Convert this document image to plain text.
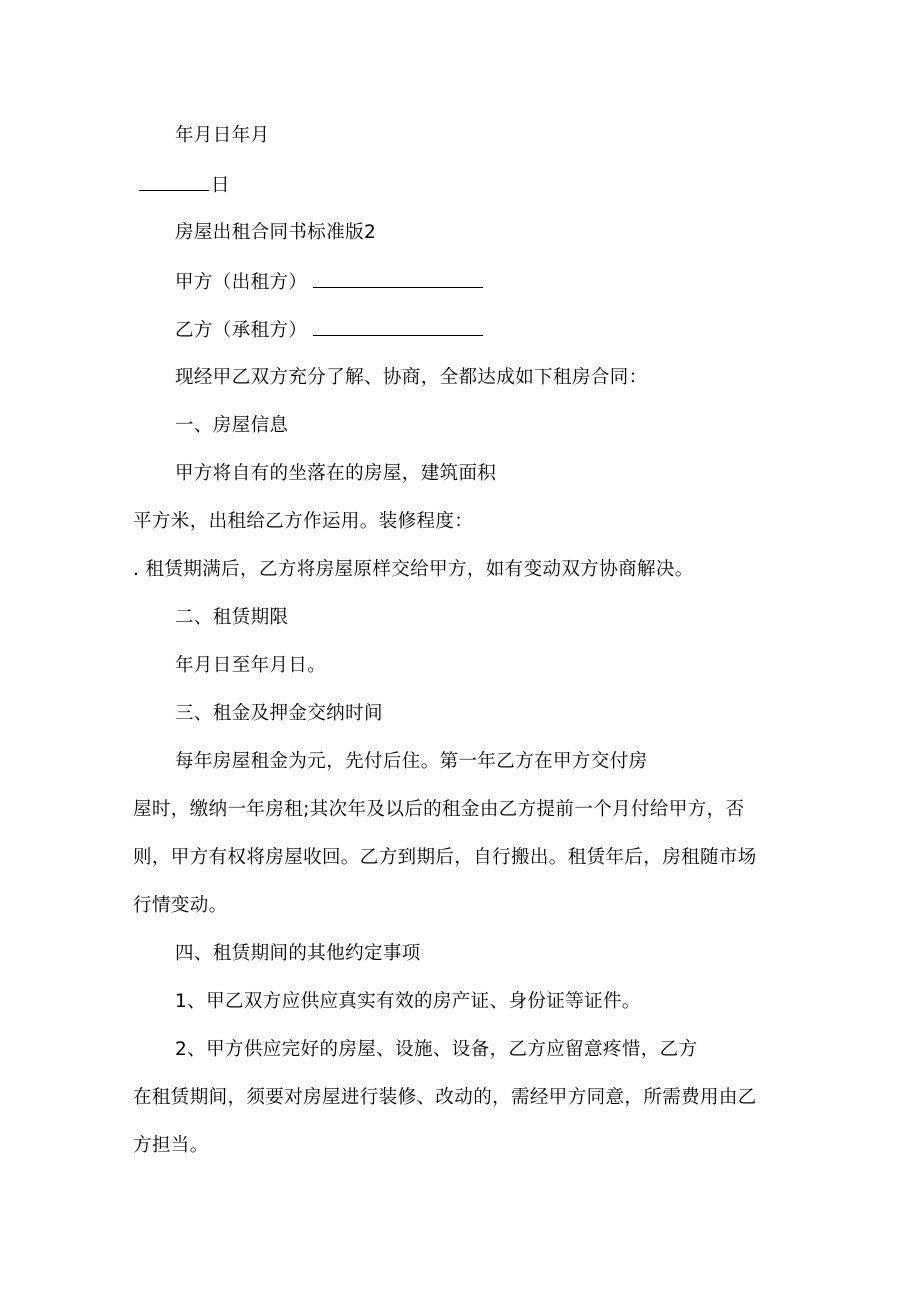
年月日年月
日
房屋出租合同书标准版2
甲方（出租方）
乙方（承租方）
现经甲乙双方充分了解、协商，全都达成如下租房合同：
一、房屋信息
甲方将自有的坐落在的房屋，建筑面积
平方米，出租给乙方作运用。装修程度：
. 租赁期满后，乙方将房屋原样交给甲方，如有变动双方协商解决。
二、租赁期限
年月日至年月日。
三、租金及押金交纳时间
每年房屋租金为元，先付后住。第一年乙方在甲方交付房
屋时，缴纳一年房租;其次年及以后的租金由乙方提前一个月付给甲方，否
则，甲方有权将房屋收回。乙方到期后，自行搬出。租赁年后，房租随市场
行情变动。
四、租赁期间的其他约定事项
1、甲乙双方应供应真实有效的房产证、身份证等证件。
2、甲方供应完好的房屋、设施、设备，乙方应留意疼惜，乙方
在租赁期间，须要对房屋进行装修、改动的，需经甲方同意，所需费用由乙
方担当。
